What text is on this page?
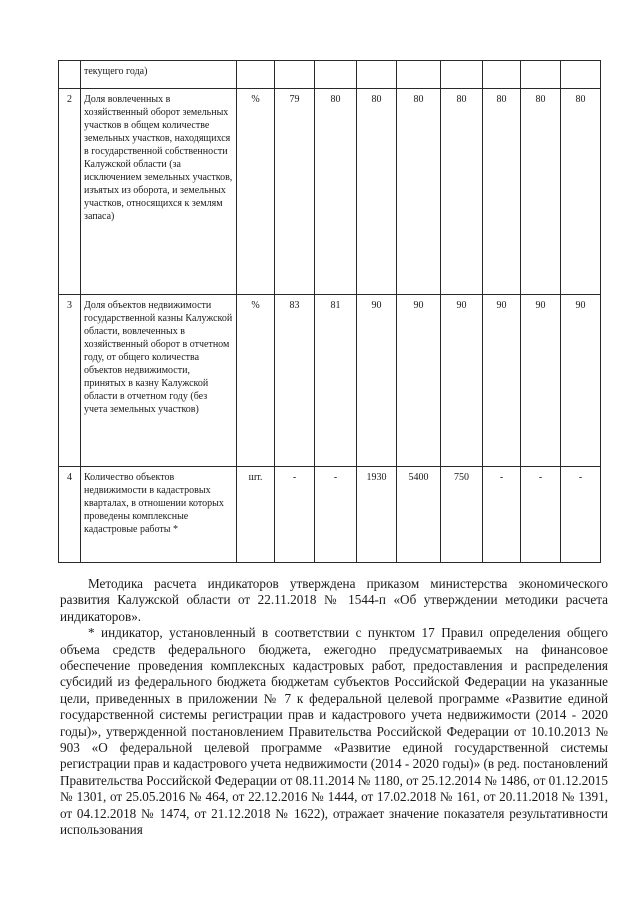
	текущего года)									
2	Доля вовлеченных в хозяйственный оборот земельных участков в общем количестве земельных участков, находящихся в государственной собственности Калужской области (за исключением земельных участков, изъятых из оборота, и земельных участков, относящихся к землям запаса)	%	79	80	80	80	80	80	80	80
3	Доля объектов недвижимости государственной казны Калужской области, вовлеченных в хозяйственный оборот в отчетном году, от общего количества объектов недвижимости, принятых в казну Калужской области в отчетном году (без учета земельных участков)	%	83	81	90	90	90	90	90	90
4	Количество объектов недвижимости в кадастровых кварталах, в отношении которых проведены комплексные кадастровые работы *	шт.	-	-	1930	5400	750	-	-	-

Методика расчета индикаторов утверждена приказом министерства экономического развития Калужской области от 22.11.2018 № 1544-п «Об утверждении методики расчета индикаторов».

* индикатор, установленный в соответствии с пунктом 17 Правил определения общего объема средств федерального бюджета, ежегодно предусматриваемых на финансовое обеспечение проведения комплексных кадастровых работ, предоставления и распределения субсидий из федерального бюджета бюджетам субъектов Российской Федерации на указанные цели, приведенных в приложении № 7 к федеральной целевой программе «Развитие единой государственной системы регистрации прав и кадастрового учета недвижимости (2014 - 2020 годы)», утвержденной постановлением Правительства Российской Федерации от 10.10.2013 № 903 «О федеральной целевой программе «Развитие единой государственной системы регистрации прав и кадастрового учета недвижимости (2014 - 2020 годы)» (в ред. постановлений Правительства Российской Федерации от 08.11.2014 № 1180, от 25.12.2014 № 1486, от 01.12.2015 № 1301, от 25.05.2016 № 464, от 22.12.2016 № 1444, от 17.02.2018 № 161, от 20.11.2018 № 1391, от 04.12.2018 № 1474, от 21.12.2018 № 1622), отражает значение показателя результативности использования
